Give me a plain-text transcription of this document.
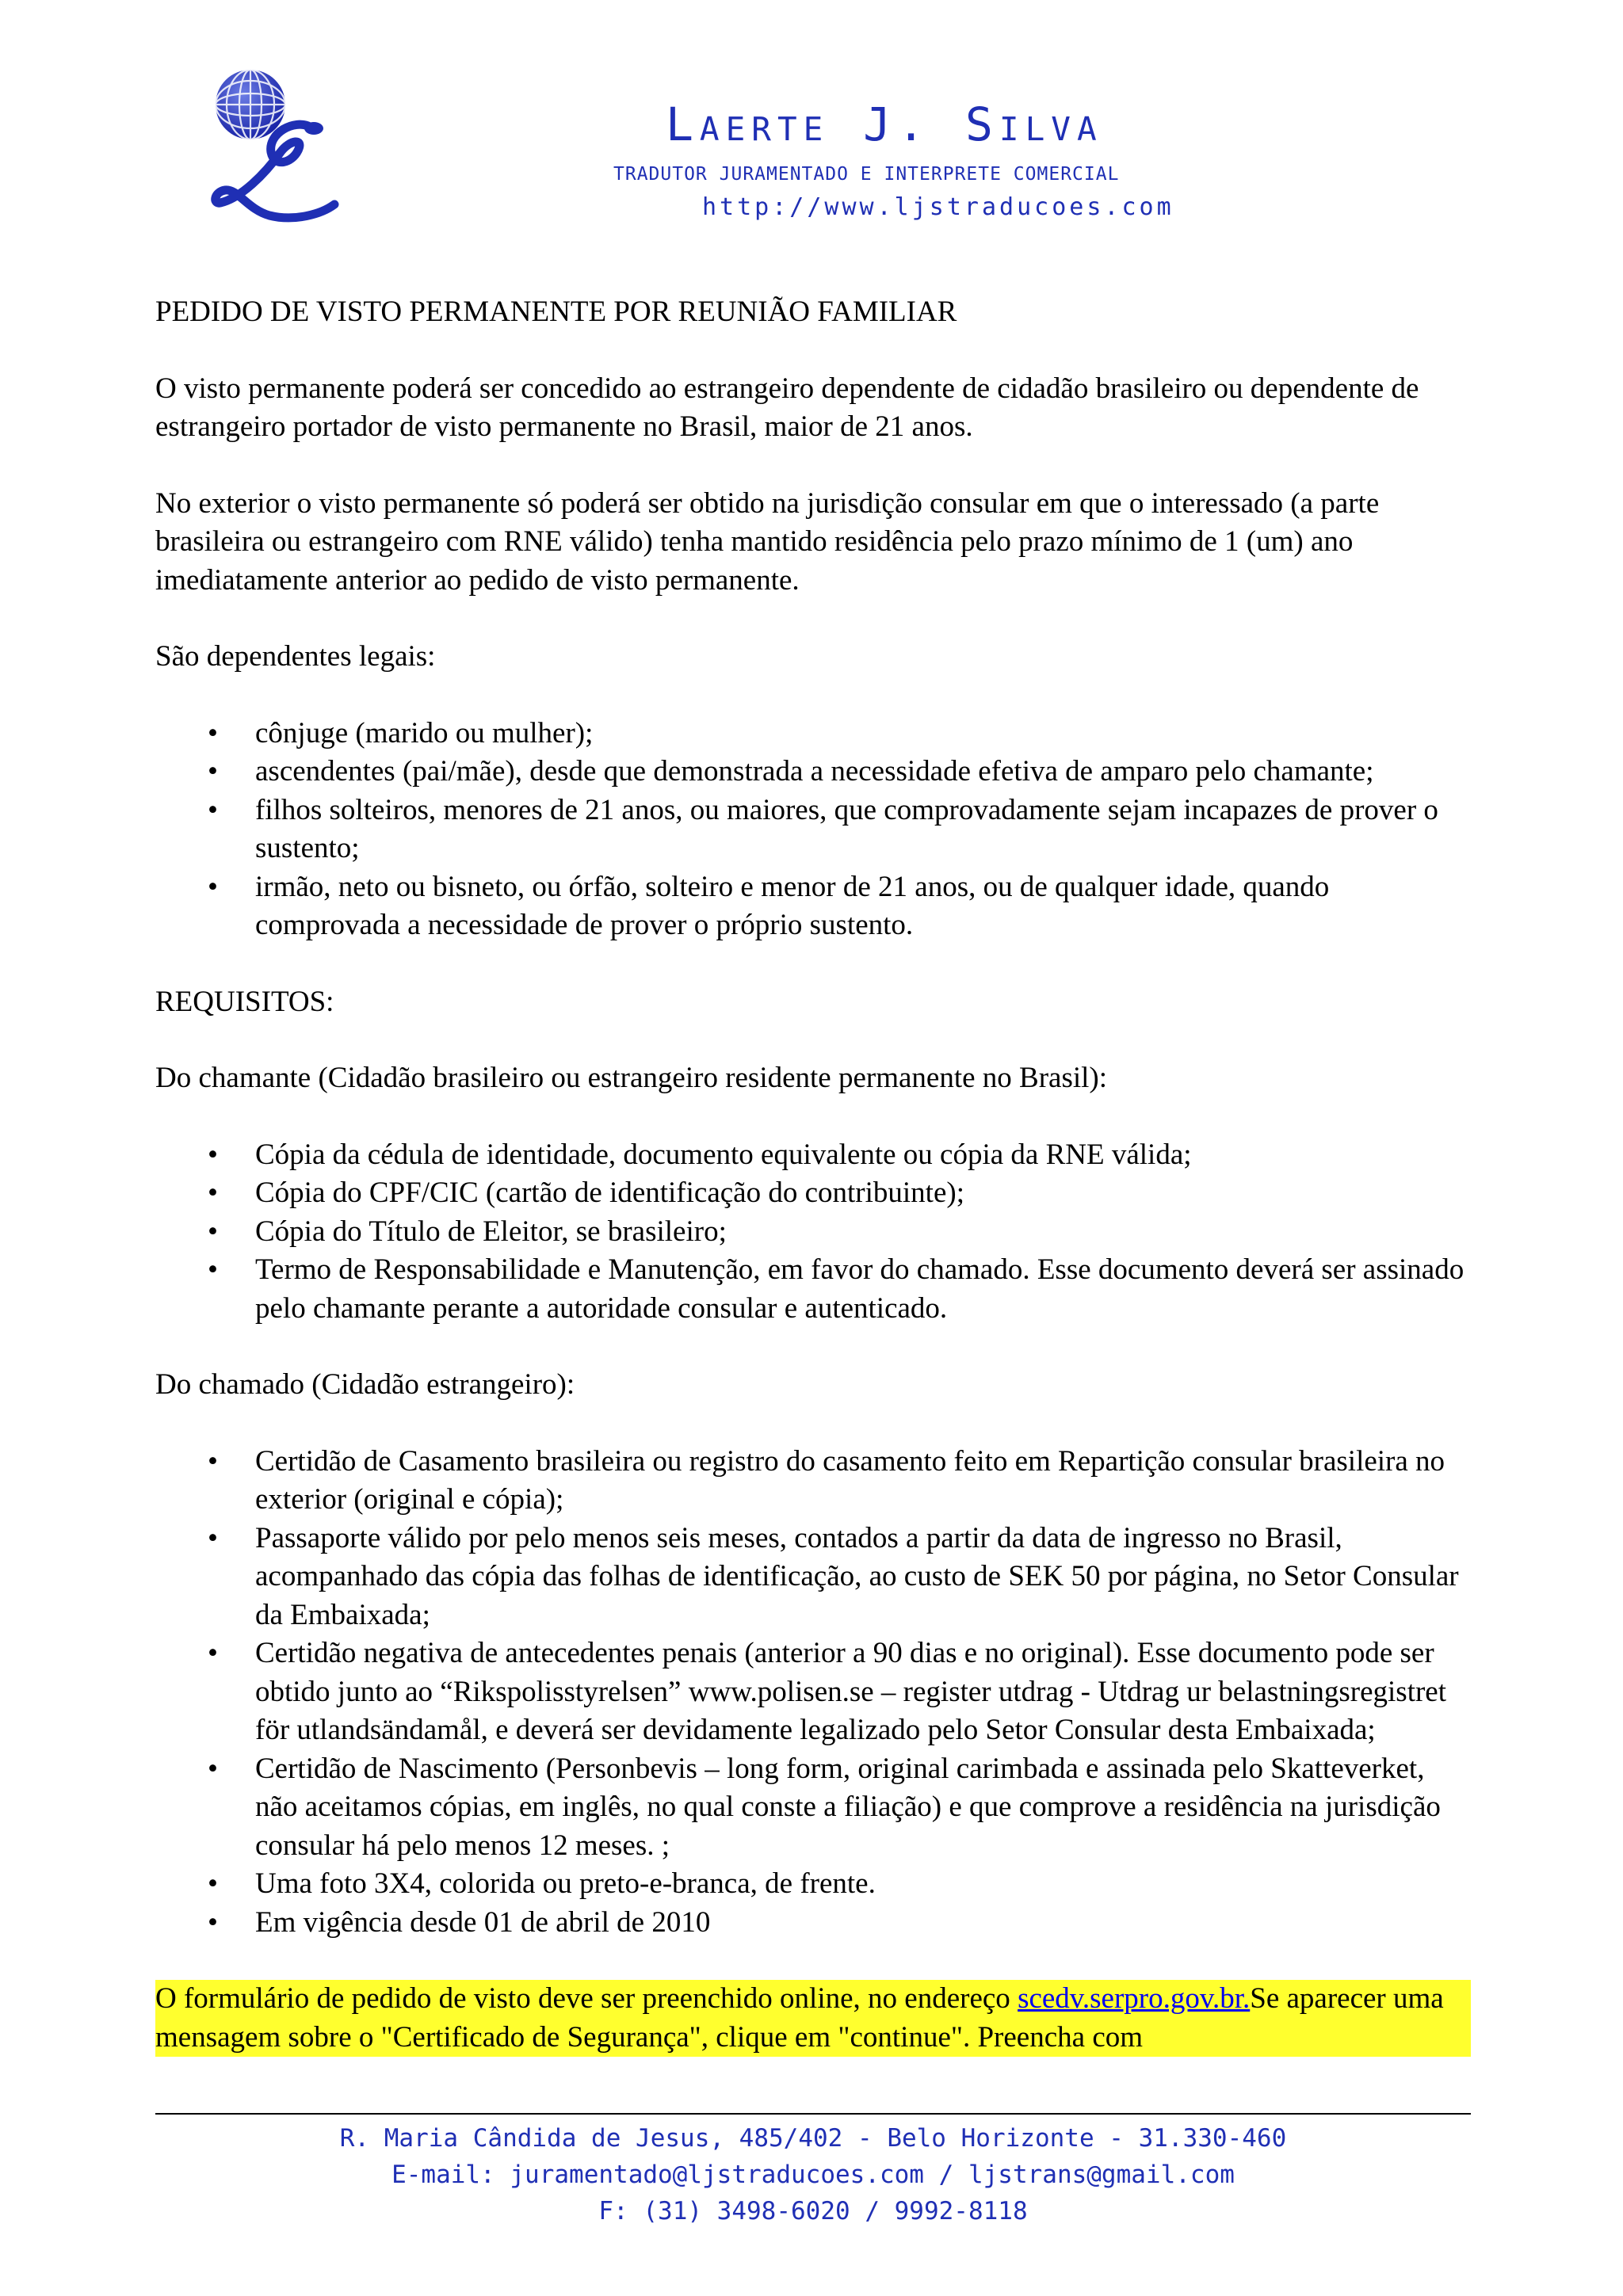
Laerte J. Silva
TRADUTOR JURAMENTADO E INTERPRETE COMERCIAL
http://www.ljstraducoes.com

PEDIDO DE VISTO PERMANENTE POR REUNIÃO FAMILIAR

O visto permanente poderá ser concedido ao estrangeiro dependente de cidadão brasileiro ou dependente de estrangeiro portador de visto permanente no Brasil, maior de 21 anos.

No exterior o visto permanente só poderá ser obtido na jurisdição consular em que o interessado (a parte brasileira ou estrangeiro com RNE válido) tenha mantido residência pelo prazo mínimo de 1 (um) ano imediatamente anterior ao pedido de visto permanente.

São dependentes legais:

• cônjuge (marido ou mulher);
• ascendentes (pai/mãe), desde que demonstrada a necessidade efetiva de amparo pelo chamante;
• filhos solteiros, menores de 21 anos, ou maiores, que comprovadamente sejam incapazes de prover o sustento;
• irmão, neto ou bisneto, ou órfão, solteiro e menor de 21 anos, ou de qualquer idade, quando comprovada a necessidade de prover o próprio sustento.

REQUISITOS:

Do chamante (Cidadão brasileiro ou estrangeiro residente permanente no Brasil):

• Cópia da cédula de identidade, documento equivalente ou cópia da RNE válida;
• Cópia do CPF/CIC (cartão de identificação do contribuinte);
• Cópia do Título de Eleitor, se brasileiro;
• Termo de Responsabilidade e Manutenção, em favor do chamado. Esse documento deverá ser assinado pelo chamante perante a autoridade consular e autenticado.

Do chamado (Cidadão estrangeiro):

• Certidão de Casamento brasileira ou registro do casamento feito em Repartição consular brasileira no exterior (original e cópia);
• Passaporte válido por pelo menos seis meses, contados a partir da data de ingresso no Brasil, acompanhado das cópia das folhas de identificação, ao custo de SEK 50 por página, no Setor Consular da Embaixada;
• Certidão negativa de antecedentes penais (anterior a 90 dias e no original). Esse documento pode ser obtido junto ao “Rikspolisstyrelsen” www.polisen.se – register utdrag - Utdrag ur belastningsregistret för utlandsändamål, e deverá ser devidamente legalizado pelo Setor Consular desta Embaixada;
• Certidão de Nascimento (Personbevis – long form, original carimbada e assinada pelo Skatteverket, não aceitamos cópias, em inglês, no qual conste a filiação) e que comprove a residência na jurisdição consular há pelo menos 12 meses. ;
• Uma foto 3X4, colorida ou preto-e-branca, de frente.
• Em vigência desde 01 de abril de 2010

O formulário de pedido de visto deve ser preenchido online, no endereço scedv.serpro.gov.br.Se aparecer uma mensagem sobre o "Certificado de Segurança", clique em "continue". Preencha com

R. Maria Cândida de Jesus, 485/402 - Belo Horizonte - 31.330-460
E-mail: juramentado@ljstraducoes.com / ljstrans@gmail.com
F: (31) 3498-6020 / 9992-8118
